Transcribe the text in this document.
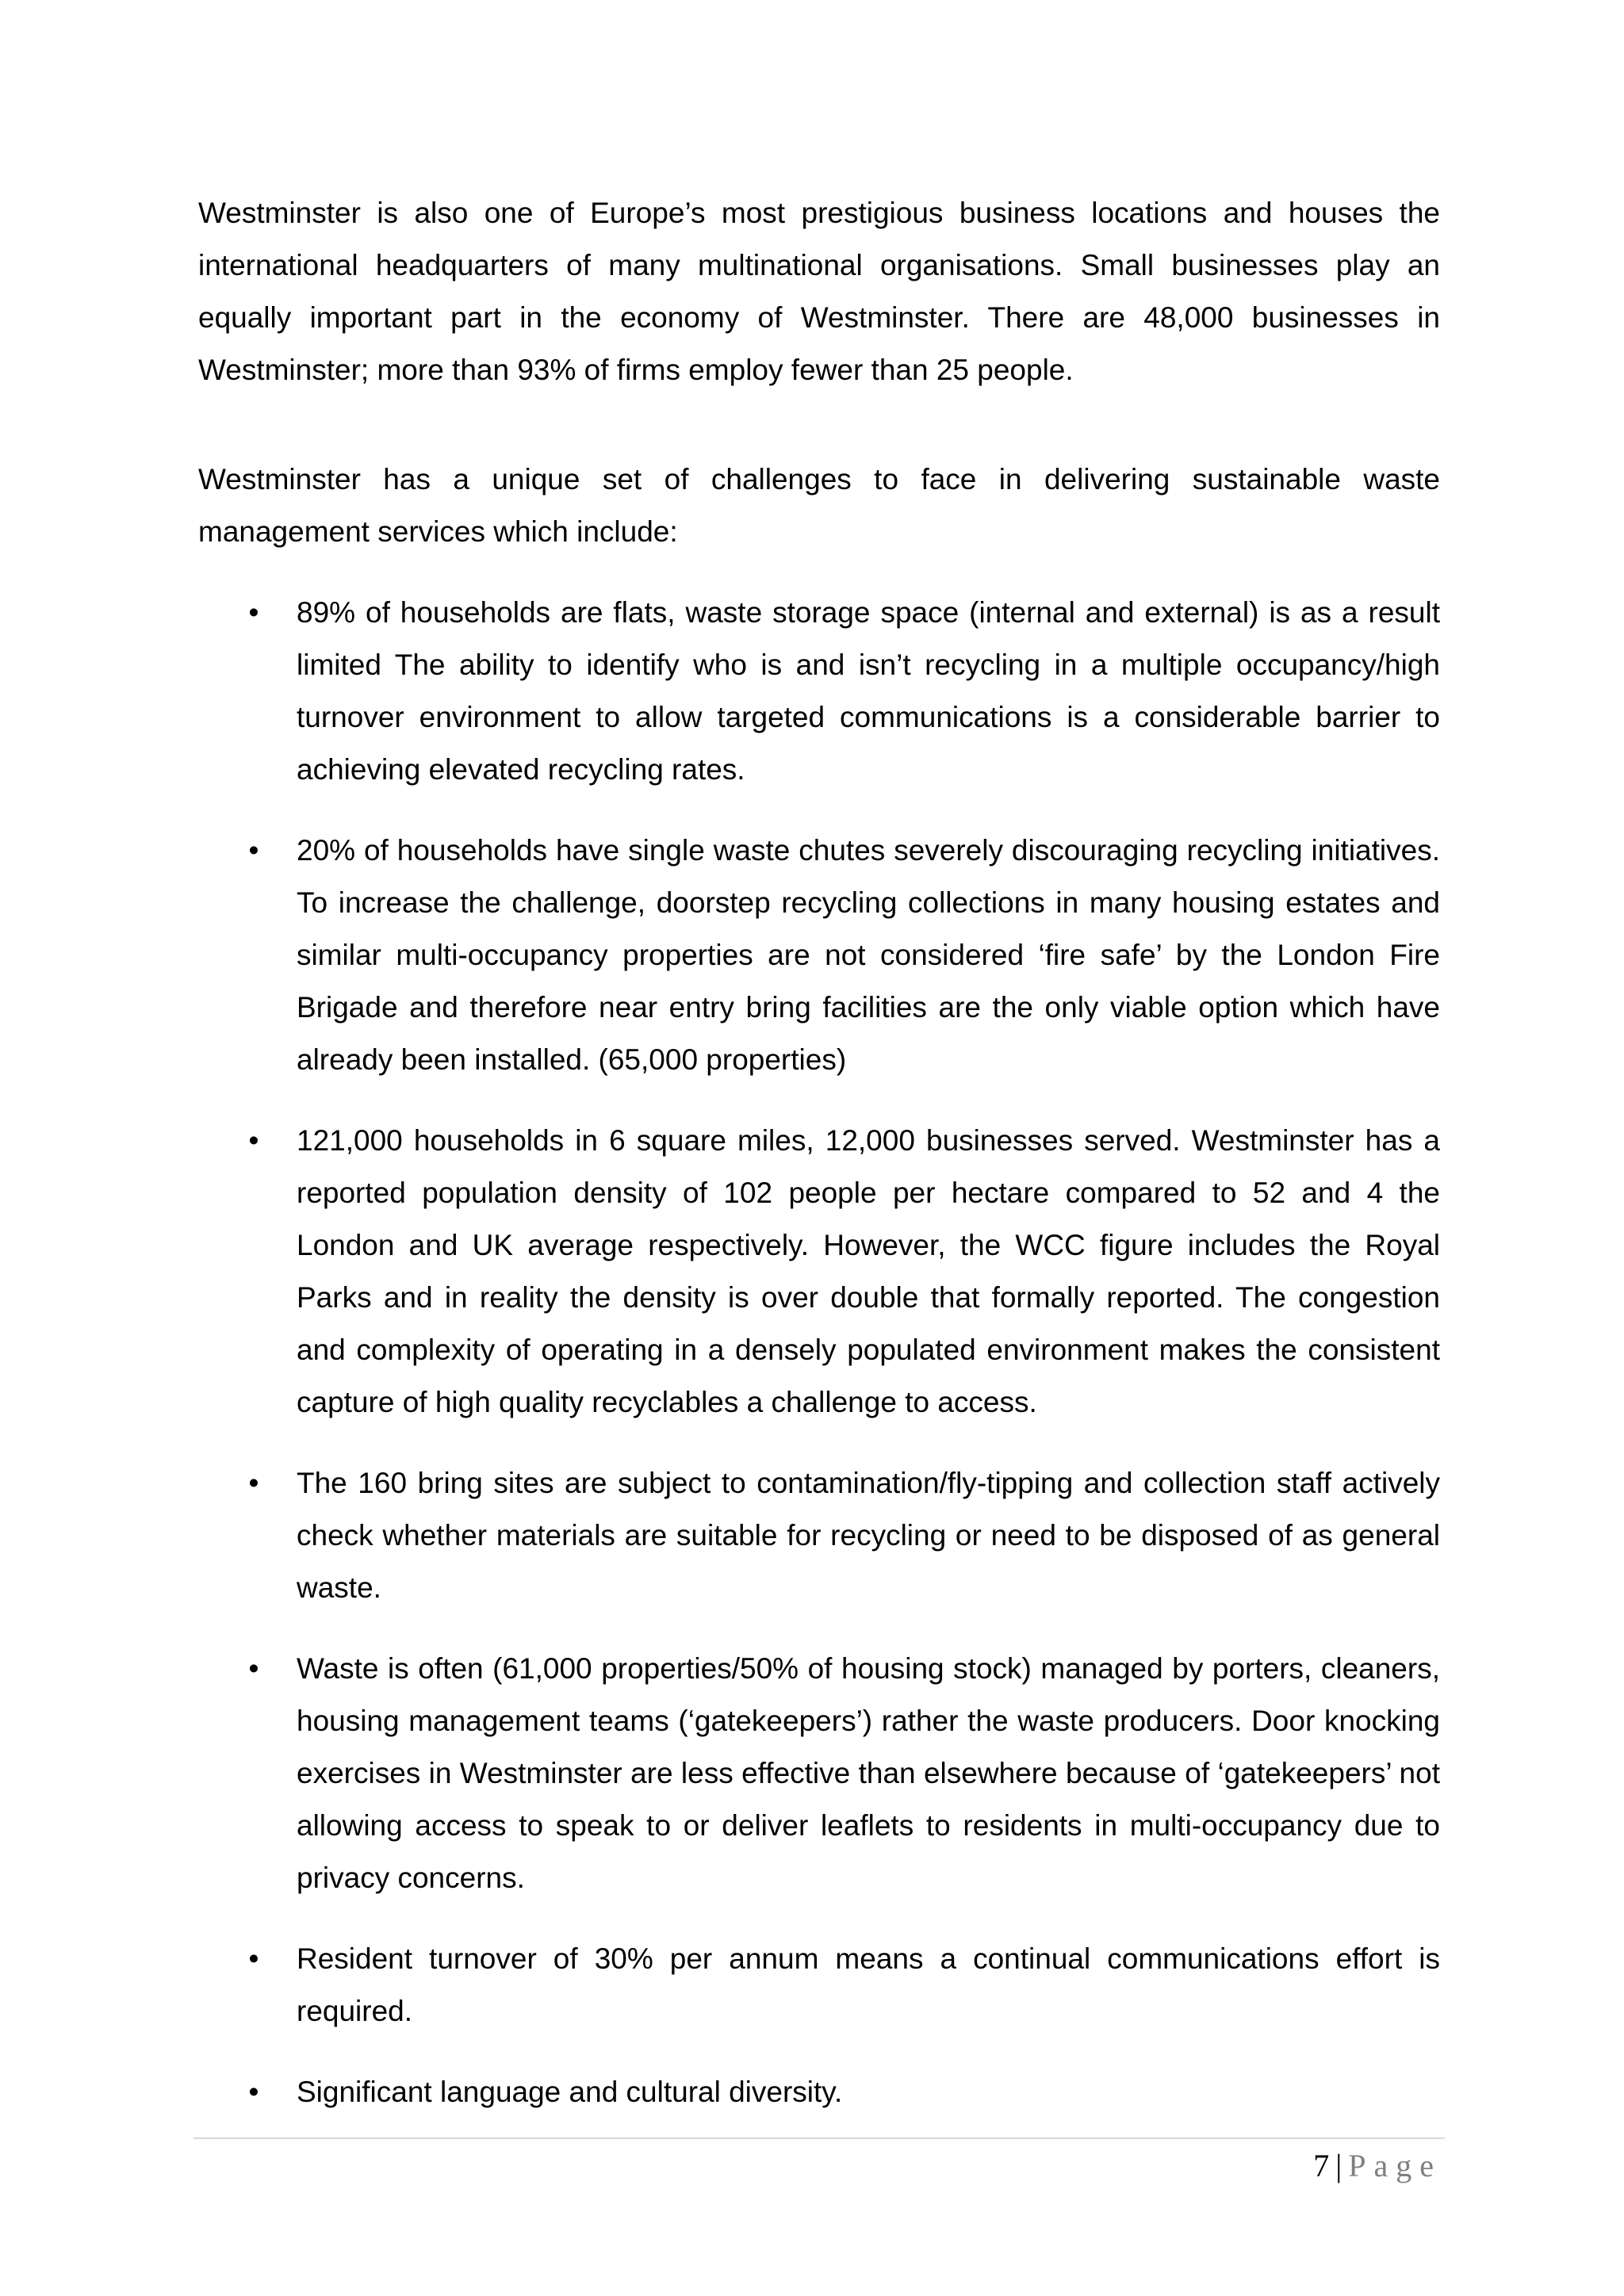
Westminster is also one of Europe’s most prestigious business locations and houses the international headquarters of many multinational organisations. Small businesses play an equally important part in the economy of Westminster. There are 48,000 businesses in Westminster; more than 93% of firms employ fewer than 25 people.

Westminster has a unique set of challenges to face in delivering sustainable waste management services which include:

• 89% of households are flats, waste storage space (internal and external) is as a result limited The ability to identify who is and isn’t recycling in a multiple occupancy/high turnover environment to allow targeted communications is a considerable barrier to achieving elevated recycling rates.
• 20% of households have single waste chutes severely discouraging recycling initiatives. To increase the challenge, doorstep recycling collections in many housing estates and similar multi-occupancy properties are not considered ‘fire safe’ by the London Fire Brigade and therefore near entry bring facilities are the only viable option which have already been installed. (65,000 properties)
• 121,000 households in 6 square miles, 12,000 businesses served. Westminster has a reported population density of 102 people per hectare compared to 52 and 4 the London and UK average respectively. However, the WCC figure includes the Royal Parks and in reality the density is over double that formally reported. The congestion and complexity of operating in a densely populated environment makes the consistent capture of high quality recyclables a challenge to access.
• The 160 bring sites are subject to contamination/fly-tipping and collection staff actively check whether materials are suitable for recycling or need to be disposed of as general waste.
• Waste is often (61,000 properties/50% of housing stock) managed by porters, cleaners, housing management teams (‘gatekeepers’) rather the waste producers. Door knocking exercises in Westminster are less effective than elsewhere because of ‘gatekeepers’ not allowing access to speak to or deliver leaflets to residents in multi-occupancy due to privacy concerns.
• Resident turnover of 30% per annum means a continual communications effort is required.
• Significant language and cultural diversity.
7 | Page
